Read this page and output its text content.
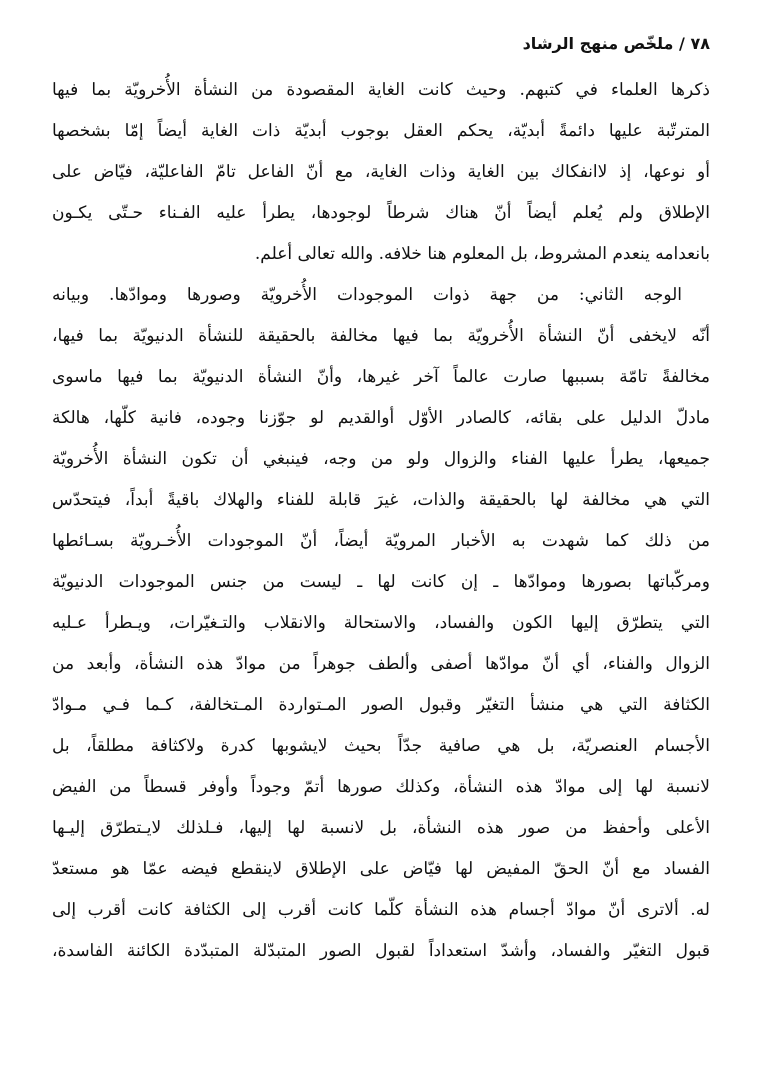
٧٨ / ملخّص منهج الرشاد
ذكرها العلماء في كتبهم. وحيث كانت الغاية المقصودة من النشأة الأُخرويّة بما فيها
المترتّبة عليها دائمةً أبديّة، يحكم العقل بوجوب أبديّة ذات الغاية أيضاً إمّا بشخصها
أو نوعها، إذ لاانفكاك بين الغاية وذات الغاية، مع أنّ الفاعل تامّ الفاعليّة، فيّاض على
الإطلاق ولم يُعلم أيضاً أنّ هناك شرطاً لوجودها، يطرأ عليه الفـناء حـتّى يكـون
بانعدامه ينعدم المشروط، بل المعلوم هنا خلافه. والله تعالى أعلم.
الوجه الثاني: من جهة ذوات الموجودات الأُخرويّة وصورها وموادّها. وبيانه
أنّه لايخفى أنّ النشأة الأُخرويّة بما فيها مخالفة بالحقيقة للنشأة الدنيويّة بما فيها،
مخالفةً تامّة بسببها صارت عالماً آخر غيرها، وأنّ النشأة الدنيويّة بما فيها ماسوى
مادلّ الدليل على بقائه، كالصادر الأوّل أوالقديم لو جوّزنا وجوده، فانية كلّها، هالكة
جميعها، يطرأ عليها الفناء والزوال ولو من وجه، فينبغي أن تكون النشأة الأُخرويّة
التي هي مخالفة لها بالحقيقة والذات، غيرَ قابلة للفناء والهلاك باقيةً أبداً، فيتحدّس
من ذلك كما شهدت به الأخبار المرويّة أيضاً، أنّ الموجودات الأُخـرويّة بسـائطها
ومركّباتها بصورها وموادّها ـ إن كانت لها ـ ليست من جنس الموجودات الدنيويّة
التي يتطرّق إليها الكون والفساد، والاستحالة والانقلاب والتـغيّرات، ويـطرأ عـليه
الزوال والفناء، أي أنّ موادّها أصفى وألطف جوهراً من موادّ هذه النشأة، وأبعد من
الكثافة التي هي منشأ التغيّر وقبول الصور المـتواردة المـتخالفة، كـما فـي مـوادّ
الأجسام العنصريّة، بل هي صافية جدّاً بحيث لايشوبها كدرة ولاكثافة مطلقاً، بل
لانسبة لها إلى موادّ هذه النشأة، وكذلك صورها أتمّ وجوداً وأوفر قسطاً من الفيض
الأعلى وأحفظ من صور هذه النشأة، بل لانسبة لها إليها، فـلذلك لايـتطرّق إليـها
الفساد مع أنّ الحقّ المفيض لها فيّاض على الإطلاق لاينقطع فيضه عمّا هو مستعدّ
له. ألاترى أنّ موادّ أجسام هذه النشأة كلّما كانت أقرب إلى الكثافة كانت أقرب إلى
قبول التغيّر والفساد، وأشدّ استعداداً لقبول الصور المتبدّلة المتبدّدة الكائنة الفاسدة،
